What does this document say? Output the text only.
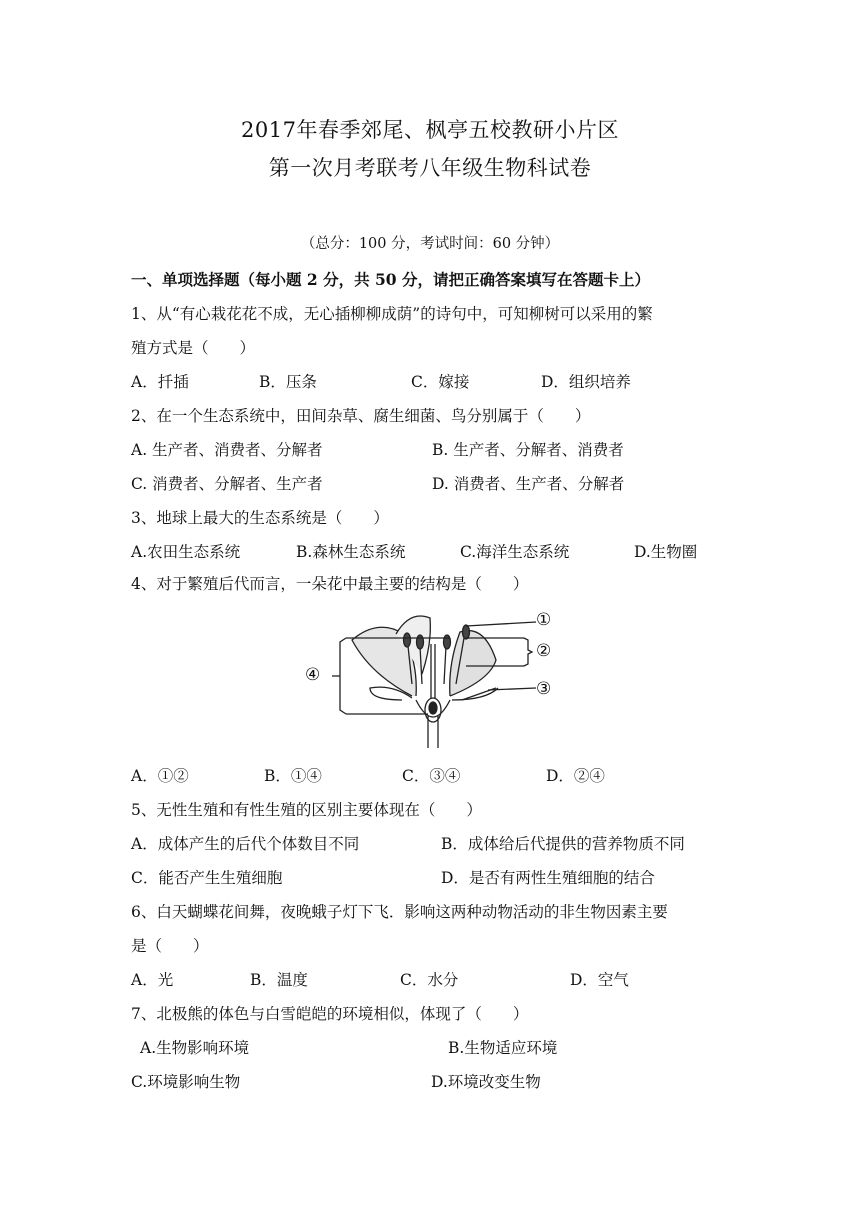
2017年春季郊尾、枫亭五校教研小片区
第一次月考联考八年级生物科试卷
（总分：100 分，考试时间：60 分钟）
一、单项选择题（每小题 2 分，共 50 分，请把正确答案填写在答题卡上）
1、从“有心栽花花不成，无心插柳柳成荫”的诗句中，可知柳树可以采用的繁
殖方式是（　　）
A．扦插	B．压条	C．嫁接	D．组织培养
2、在一个生态系统中，田间杂草、腐生细菌、鸟分别属于（　　）
A. 生产者、消费者、分解者	B. 生产者、分解者、消费者
C. 消费者、分解者、生产者	D. 消费者、生产者、分解者
3、地球上最大的生态系统是（　　）
A.农田生态系统	B.森林生态系统	C.海洋生态系统	D.生物圈
4、对于繁殖后代而言，一朵花中最主要的结构是（　　）
①
②
③
④
A．①②	B．①④	C．③④	D．②④
5、无性生殖和有性生殖的区别主要体现在（　　）
A．成体产生的后代个体数目不同	B．成体给后代提供的营养物质不同
C．能否产生生殖细胞	D．是否有两性生殖细胞的结合
6、白天蝴蝶花间舞，夜晚蛾子灯下飞．影响这两种动物活动的非生物因素主要
是（　　）
A．光	B．温度	C．水分	D．空气
7、北极熊的体色与白雪皑皑的环境相似，体现了（　　）
A.生物影响环境	B.生物适应环境
C.环境影响生物	D.环境改变生物
